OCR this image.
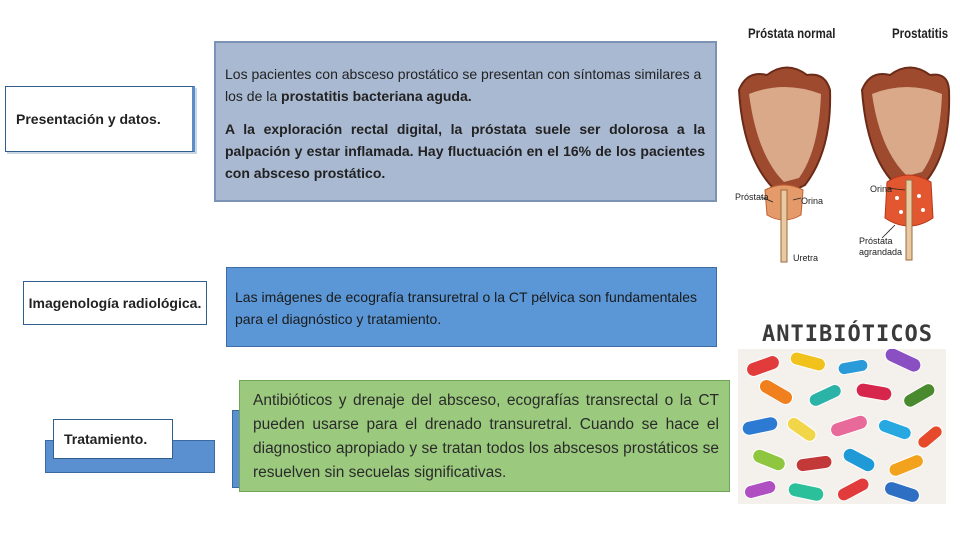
Presentación y datos.
Imagenología radiológica.
Tratamiento.

Los pacientes con absceso prostático se presentan con síntomas similares a los de la prostatitis bacteriana aguda.

A la exploración rectal digital, la próstata suele ser dolorosa a la palpación y estar inflamada. Hay fluctuación en el 16% de los pacientes con absceso prostático.

Las imágenes de ecografía transuretral o la CT pélvica son fundamentales para el diagnóstico y tratamiento.
Antibióticos y drenaje del absceso, ecografías transrectal o la CT pueden usarse para el drenado transuretral. Cuando se hace el diagnostico apropiado y se tratan todos los abscesos prostáticos se resuelven sin secuelas significativas.
Próstata normal	Prostatitis
Próstata	Orina
Uretra
Orina
Próstata
agrandada
ANTIBIÓTICOS
